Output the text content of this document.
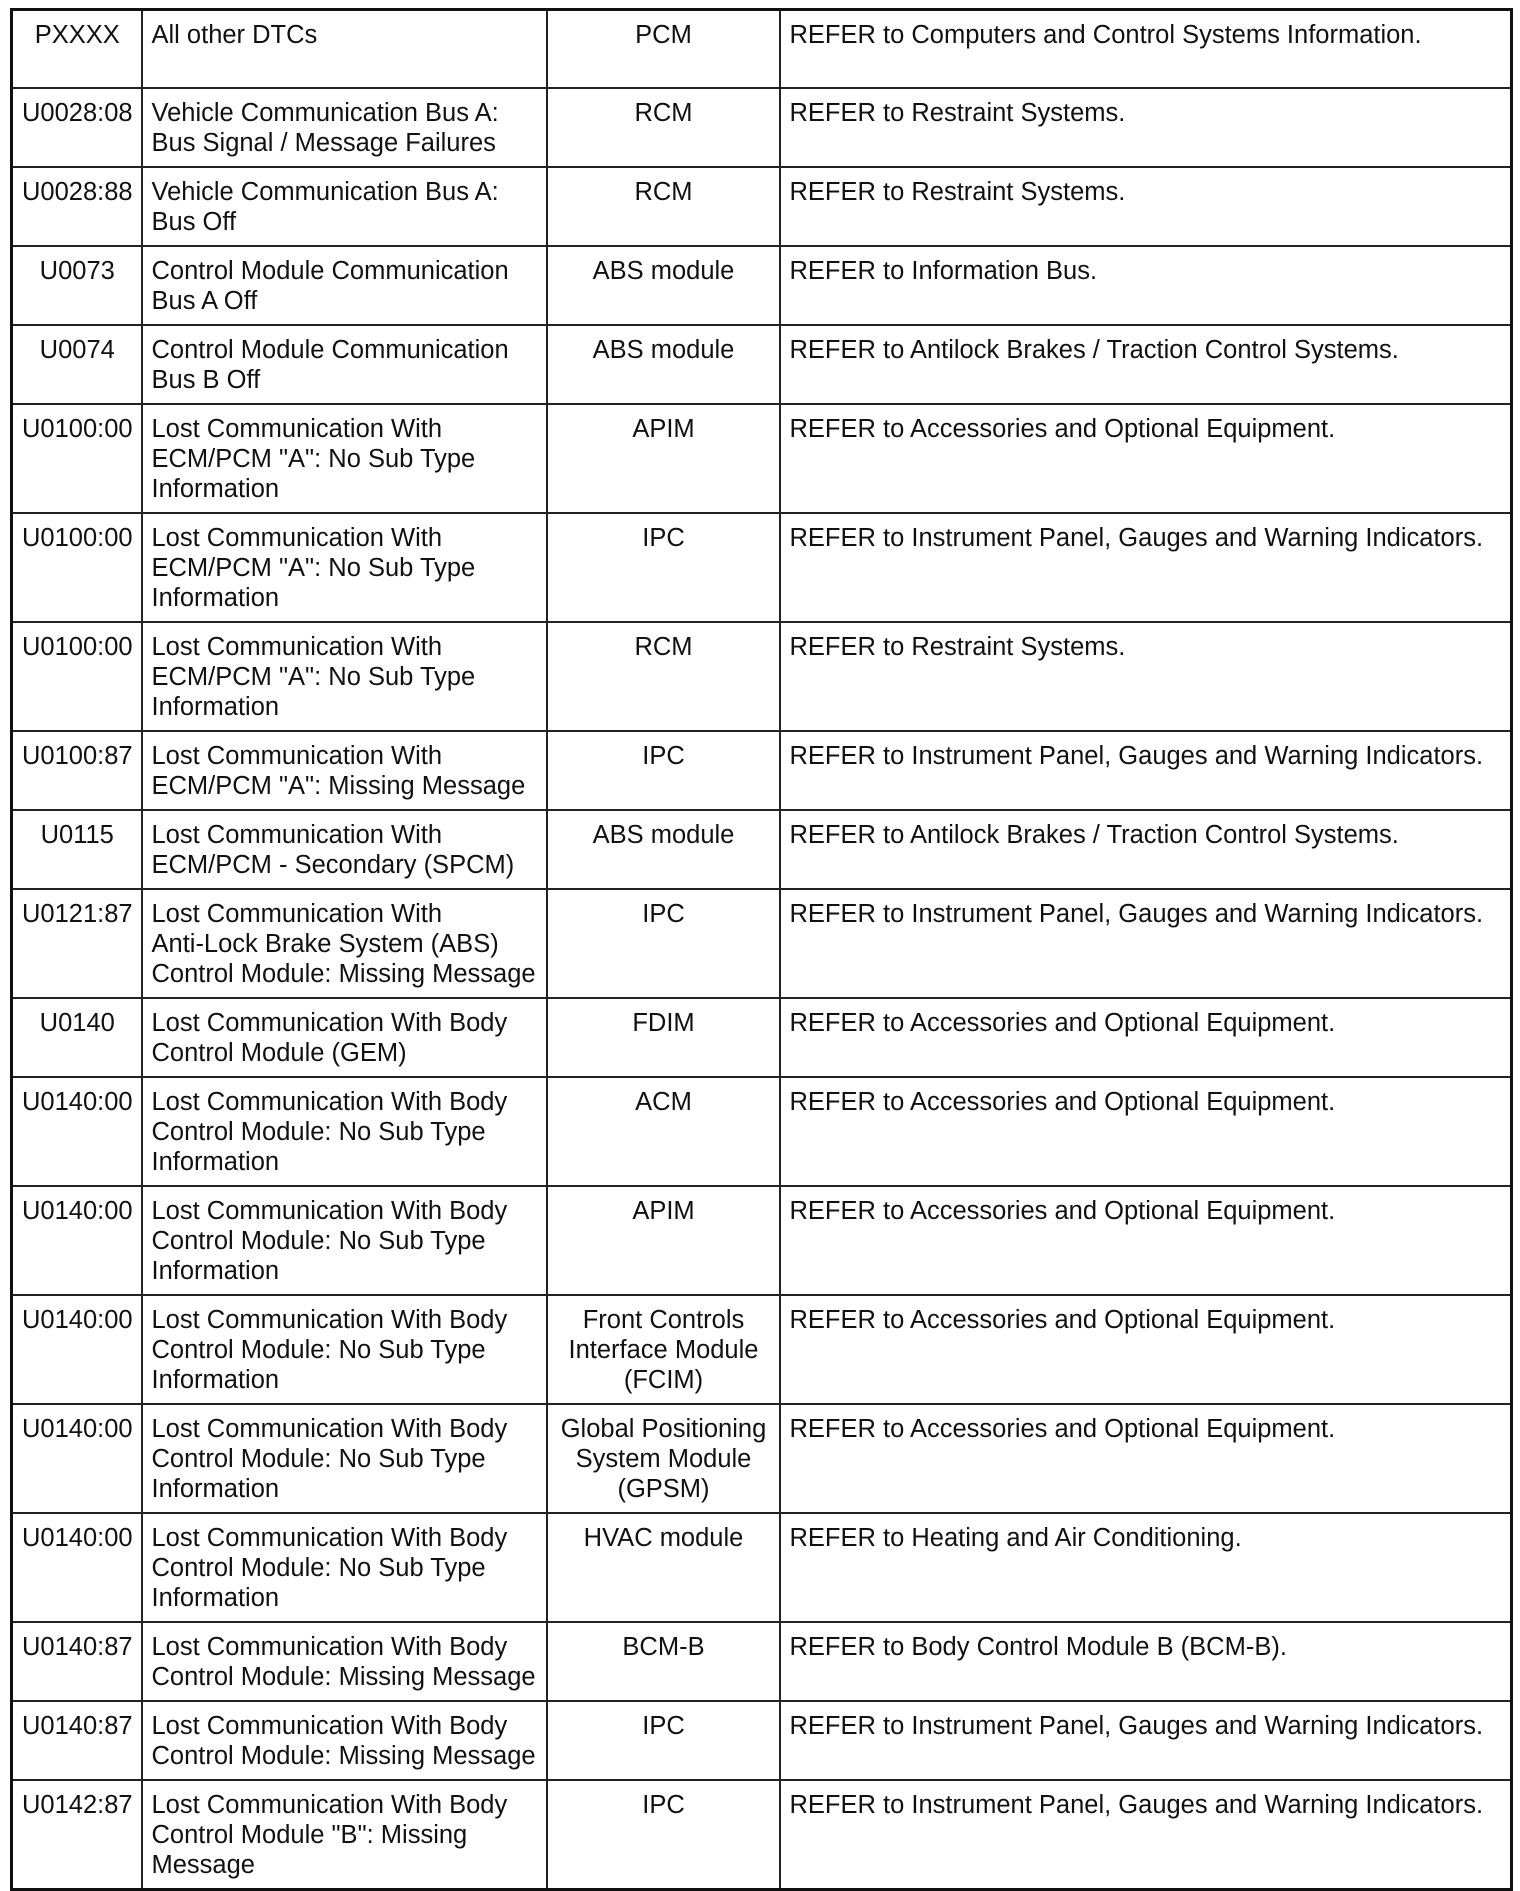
PXXXX	All other DTCs	PCM	REFER to Computers and Control Systems Information.
U0028:08	Vehicle Communication Bus A:
Bus Signal / Message Failures	RCM	REFER to Restraint Systems.
U0028:88	Vehicle Communication Bus A:
Bus Off	RCM	REFER to Restraint Systems.
U0073	Control Module Communication
Bus A Off	ABS module	REFER to Information Bus.
U0074	Control Module Communication
Bus B Off	ABS module	REFER to Antilock Brakes / Traction Control Systems.
U0100:00	Lost Communication With
ECM/PCM "A": No Sub Type
Information	APIM	REFER to Accessories and Optional Equipment.
U0100:00	Lost Communication With
ECM/PCM "A": No Sub Type
Information	IPC	REFER to Instrument Panel, Gauges and Warning Indicators.
U0100:00	Lost Communication With
ECM/PCM "A": No Sub Type
Information	RCM	REFER to Restraint Systems.
U0100:87	Lost Communication With
ECM/PCM "A": Missing Message	IPC	REFER to Instrument Panel, Gauges and Warning Indicators.
U0115	Lost Communication With
ECM/PCM - Secondary (SPCM)	ABS module	REFER to Antilock Brakes / Traction Control Systems.
U0121:87	Lost Communication With
Anti-Lock Brake System (ABS)
Control Module: Missing Message	IPC	REFER to Instrument Panel, Gauges and Warning Indicators.
U0140	Lost Communication With Body
Control Module (GEM)	FDIM	REFER to Accessories and Optional Equipment.
U0140:00	Lost Communication With Body
Control Module: No Sub Type
Information	ACM	REFER to Accessories and Optional Equipment.
U0140:00	Lost Communication With Body
Control Module: No Sub Type
Information	APIM	REFER to Accessories and Optional Equipment.
U0140:00	Lost Communication With Body
Control Module: No Sub Type
Information	Front Controls
Interface Module
(FCIM)	REFER to Accessories and Optional Equipment.
U0140:00	Lost Communication With Body
Control Module: No Sub Type
Information	Global Positioning
System Module
(GPSM)	REFER to Accessories and Optional Equipment.
U0140:00	Lost Communication With Body
Control Module: No Sub Type
Information	HVAC module	REFER to Heating and Air Conditioning.
U0140:87	Lost Communication With Body
Control Module: Missing Message	BCM-B	REFER to Body Control Module B (BCM-B).
U0140:87	Lost Communication With Body
Control Module: Missing Message	IPC	REFER to Instrument Panel, Gauges and Warning Indicators.
U0142:87	Lost Communication With Body
Control Module "B": Missing
Message	IPC	REFER to Instrument Panel, Gauges and Warning Indicators.
